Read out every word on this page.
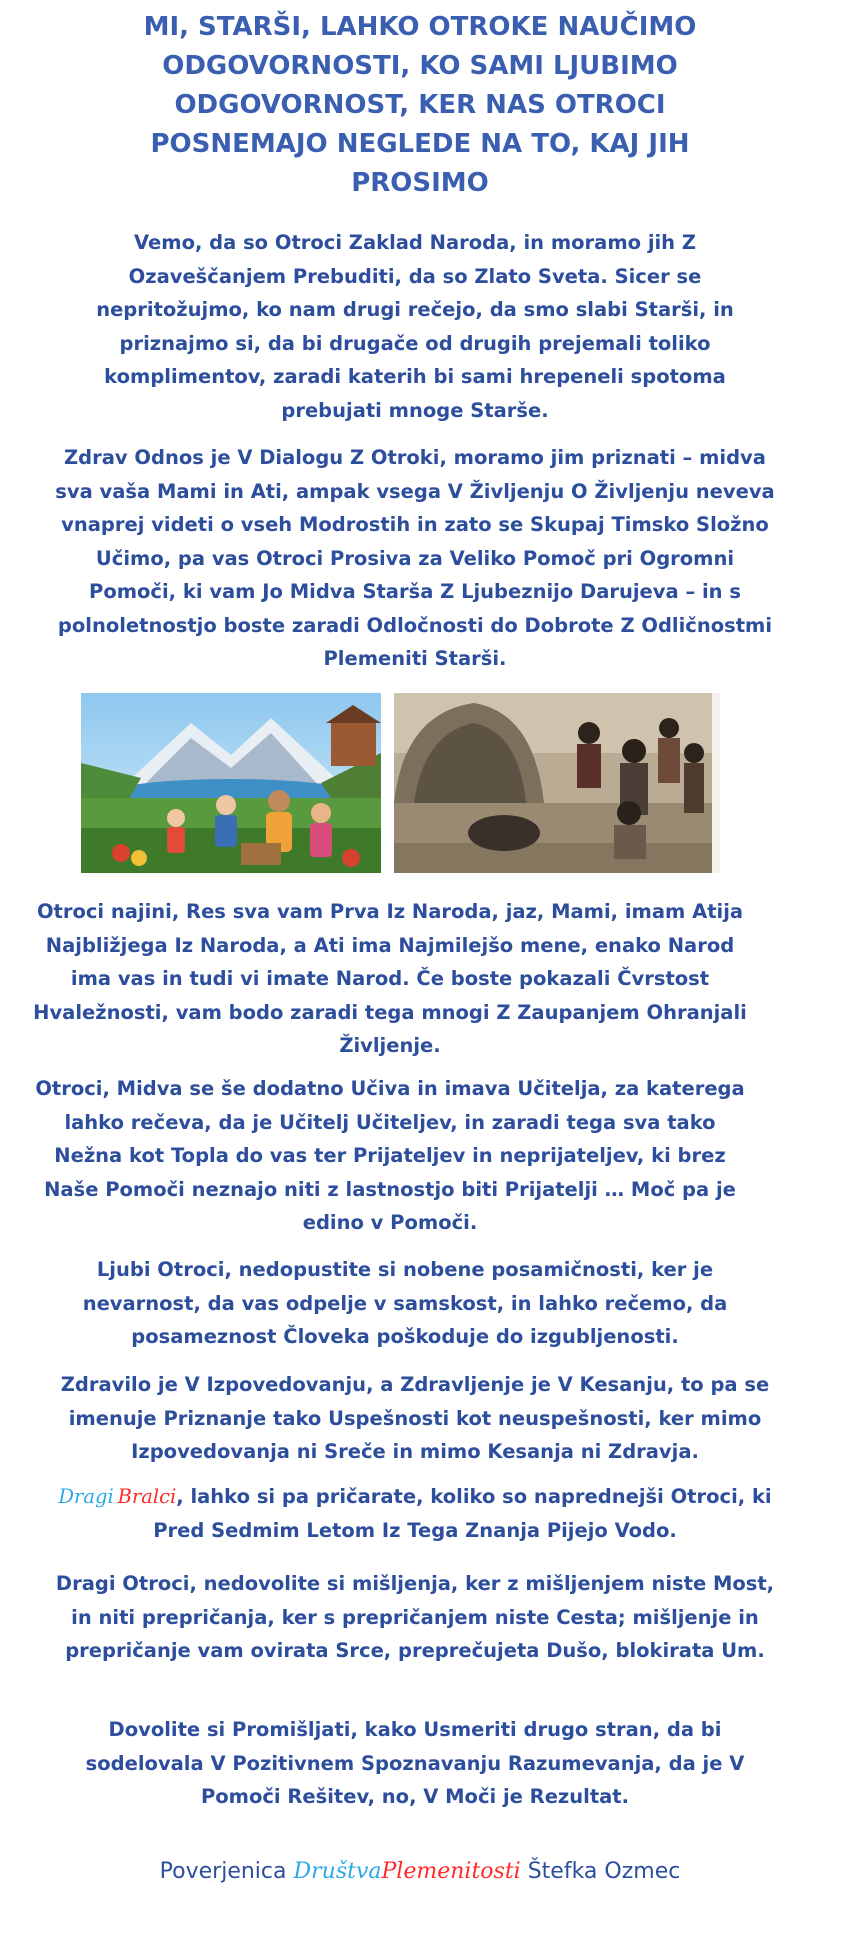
MI, STARŠI, LAHKO OTROKE NAUČIMO ODGOVORNOSTI, KO SAMI LJUBIMO ODGOVORNOST, KER NAS OTROCI POSNEMAJO NEGLEDE NA TO, KAJ JIH PROSIMO

Vemo, da so Otroci Zaklad Naroda, in moramo jih Z Ozaveščanjem Prebuditi, da so Zlato Sveta. Sicer se nepritožujmo, ko nam drugi rečejo, da smo slabi Starši, in priznajmo si, da bi drugače od drugih prejemali toliko komplimentov, zaradi katerih bi sami hrepeneli spotoma prebujati mnoge Starše.

Zdrav Odnos je V Dialogu Z Otroki, moramo jim priznati – midva sva vaša Mami in Ati, ampak vsega V Življenju O Življenju neveva vnaprej videti o vseh Modrostih in zato se Skupaj Timsko Složno Učimo, pa vas Otroci Prosiva za Veliko Pomoč pri Ogromni Pomoči, ki vam Jo Midva Starša Z Ljubeznijo Darujeva – in s polnoletnostjo boste zaradi Odločnosti do Dobrote Z Odličnostmi Plemeniti Starši.

Otroci najini, Res sva vam Prva Iz Naroda, jaz, Mami, imam Atija Najbližjega Iz Naroda, a Ati ima Najmilejšo mene, enako Narod ima vas in tudi vi imate Narod. Če boste pokazali Čvrstost Hvaležnosti, vam bodo zaradi tega mnogi Z Zaupanjem Ohranjali Življenje.

Otroci, Midva se še dodatno Učiva in imava Učitelja, za katerega lahko rečeva, da je Učitelj Učiteljev, in zaradi tega sva tako Nežna kot Topla do vas ter Prijateljev in neprijateljev, ki brez Naše Pomoči neznajo niti z lastnostjo biti Prijatelji … Moč pa je edino v Pomoči.

Ljubi Otroci, nedopustite si nobene posamičnosti, ker je nevarnost, da vas odpelje v samskost, in lahko rečemo, da posameznost Človeka poškoduje do izgubljenosti.

Zdravilo je V Izpovedovanju, a Zdravljenje je V Kesanju, to pa se imenuje Priznanje tako Uspešnosti kot neuspešnosti, ker mimo Izpovedovanja ni Sreče in mimo Kesanja ni Zdravja.

Dragi  Bralci, lahko si pa pričarate, koliko so naprednejši Otroci, ki Pred Sedmim Letom Iz Tega Znanja Pijejo Vodo.

Dragi Otroci, nedovolite si mišljenja, ker z mišljenjem niste Most, in niti prepričanja, ker s prepričanjem niste Cesta; mišljenje in prepričanje vam ovirata Srce, preprečujeta Dušo, blokirata Um.

Dovolite si Promišljati, kako Usmeriti drugo stran, da bi sodelovala V Pozitivnem Spoznavanju Razumevanja, da je V Pomoči Rešitev, no, V Moči je Rezultat.

Poverjenica DruštvaPlemenitosti Štefka Ozmec
